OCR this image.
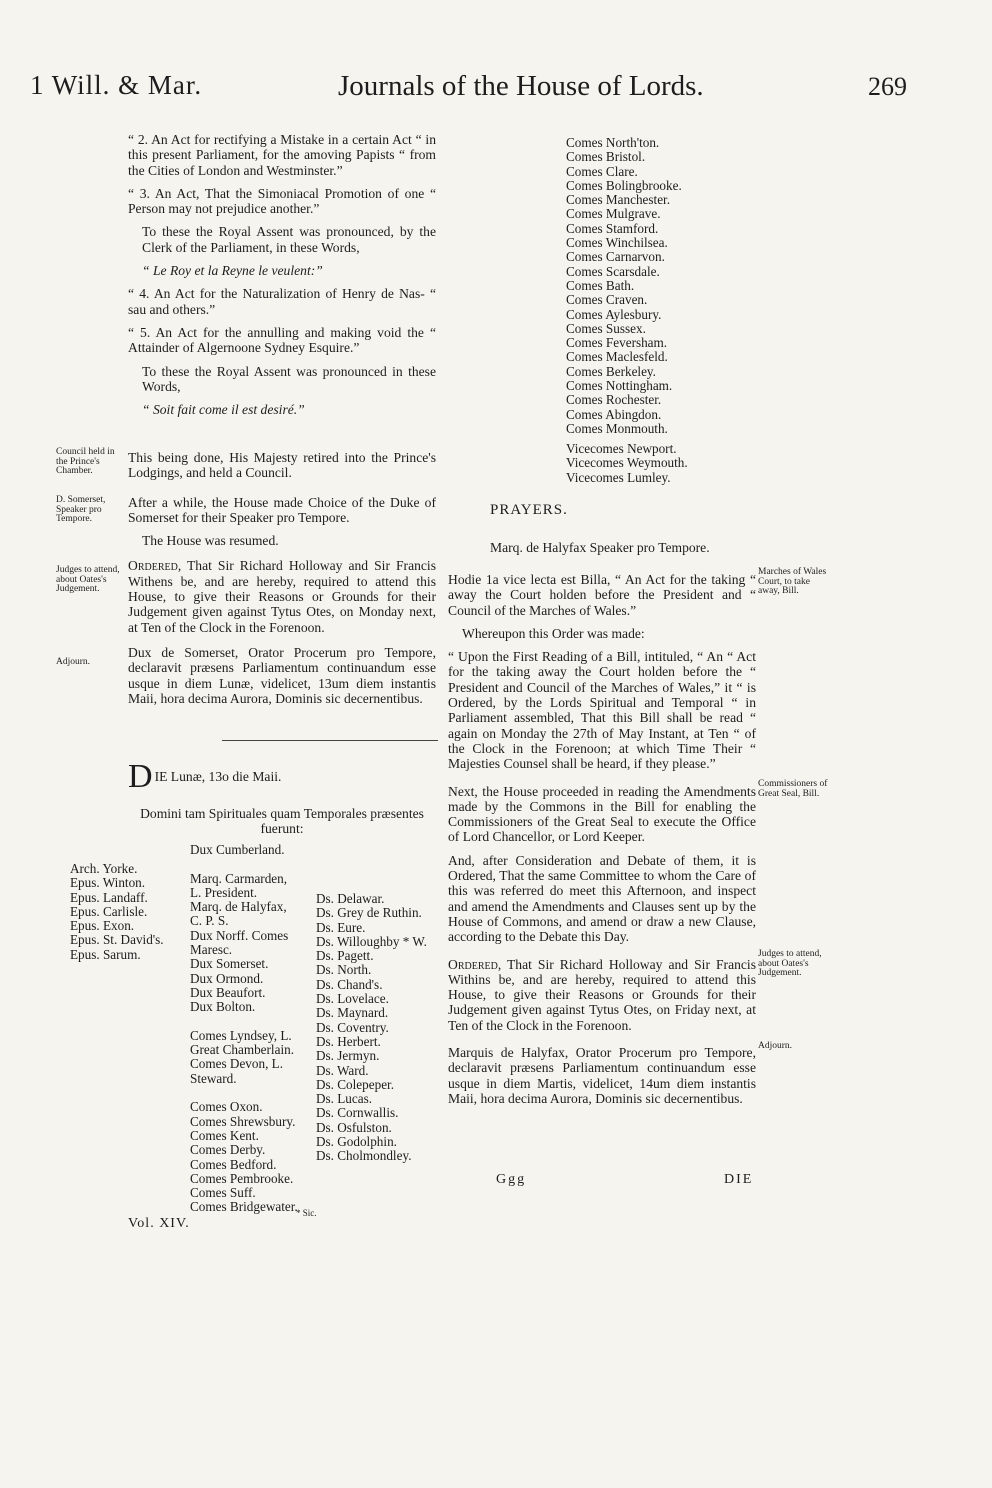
1 Will. & Mar.	Journals of the House of Lords.	269

“ 2. An Act for rectifying a Mistake in a certain Act “ in this present Parliament, for the amoving Papists “ from the Cities of London and Westminster.”

“ 3. An Act, That the Simoniacal Promotion of one “ Person may not prejudice another.”

To these the Royal Assent was pronounced, by the Clerk of the Parliament, in these Words,

“ Le Roy et la Reyne le veulent:”

“ 4. An Act for the Naturalization of Henry de Nas- “ sau and others.”

“ 5. An Act for the annulling and making void the “ Attainder of Algernoone Sydney Esquire.”

To these the Royal Assent was pronounced in these Words,

“ Soit fait come il est desiré.”

Council held in the Prince's Chamber.
D. Somerset, Speaker pro Tempore.
Judges to attend, about Oates's Judgement.
Adjourn.

This being done, His Majesty retired into the Prince's Lodgings, and held a Council.

After a while, the House made Choice of the Duke of Somerset for their Speaker pro Tempore.

The House was resumed.

Ordered, That Sir Richard Holloway and Sir Francis Withens be, and are hereby, required to attend this House, to give their Reasons or Grounds for their Judgement given against Tytus Otes, on Monday next, at Ten of the Clock in the Forenoon.

Dux de Somerset, Orator Procerum pro Tempore, declaravit præsens Parliamentum continuandum esse usque in diem Lunæ, videlicet, 13um diem instantis Maii, hora decima Aurora, Dominis sic decernentibus.

D IE Lunæ, 13o die Maii.
Domini tam Spirituales quam Temporales præsentes fuerunt:
Arch. Yorke.
Epus. Winton.
Epus. Landaff.
Epus. Carlisle.
Epus. Exon.
Epus. St. David's.
Epus. Sarum.
Dux Cumberland.

Marq. Carmarden,
L. President.
Marq. de Halyfax,
C. P. S.
Dux Norff. Comes
Maresc.
Dux Somerset.
Dux Ormond.
Dux Beaufort.
Dux Bolton.

Comes Lyndsey, L.
Great Chamberlain.
Comes Devon, L.
Steward.

Comes Oxon.
Comes Shrewsbury.
Comes Kent.
Comes Derby.
Comes Bedford.
Comes Pembrooke.
Comes Suff.
Comes Bridgewater.
Ds. Delawar.
Ds. Grey de Ruthin.
Ds. Eure.
Ds. Willoughby * W.
Ds. Pagett.
Ds. North.
Ds. Chand's.
Ds. Lovelace.
Ds. Maynard.
Ds. Coventry.
Ds. Herbert.
Ds. Jermyn.
Ds. Ward.
Ds. Colepeper.
Ds. Lucas.
Ds. Cornwallis.
Ds. Osfulston.
Ds. Godolphin.
Ds. Cholmondley.
* Sic.
Vol. XIV.
Comes North'ton.
Comes Bristol.
Comes Clare.
Comes Bolingbrooke.
Comes Manchester.
Comes Mulgrave.
Comes Stamford.
Comes Winchilsea.
Comes Carnarvon.
Comes Scarsdale.
Comes Bath.
Comes Craven.
Comes Aylesbury.
Comes Sussex.
Comes Feversham.
Comes Maclesfeld.
Comes Berkeley.
Comes Nottingham.
Comes Rochester.
Comes Abingdon.
Comes Monmouth.
Vicecomes Newport.
Vicecomes Weymouth.
Vicecomes Lumley.
PRAYERS.
Marq. de Halyfax Speaker pro Tempore.
Marches of Wales Court, to take away, Bill.
Commissioners of Great Seal, Bill.
Judges to attend, about Oates's Judgement.
Adjourn.

Hodie 1a vice lecta est Billa, “ An Act for the taking “ away the Court holden before the President and “ Council of the Marches of Wales.”

Whereupon this Order was made:

“ Upon the First Reading of a Bill, intituled, “ An “ Act for the taking away the Court holden before the “ President and Council of the Marches of Wales,” it “ is Ordered, by the Lords Spiritual and Temporal “ in Parliament assembled, That this Bill shall be read “ again on Monday the 27th of May Instant, at Ten “ of the Clock in the Forenoon; at which Time Their “ Majesties Counsel shall be heard, if they please.”

Next, the House proceeded in reading the Amendments made by the Commons in the Bill for enabling the Commissioners of the Great Seal to execute the Office of Lord Chancellor, or Lord Keeper.

And, after Consideration and Debate of them, it is Ordered, That the same Committee to whom the Care of this was referred do meet this Afternoon, and inspect and amend the Amendments and Clauses sent up by the House of Commons, and amend or draw a new Clause, according to the Debate this Day.

Ordered, That Sir Richard Holloway and Sir Francis Withins be, and are hereby, required to attend this House, to give their Reasons or Grounds for their Judgement given against Tytus Otes, on Friday next, at Ten of the Clock in the Forenoon.

Marquis de Halyfax, Orator Procerum pro Tempore, declaravit præsens Parliamentum continuandum esse usque in diem Martis, videlicet, 14um diem instantis Maii, hora decima Aurora, Dominis sic decernentibus.

Ggg	DIE
